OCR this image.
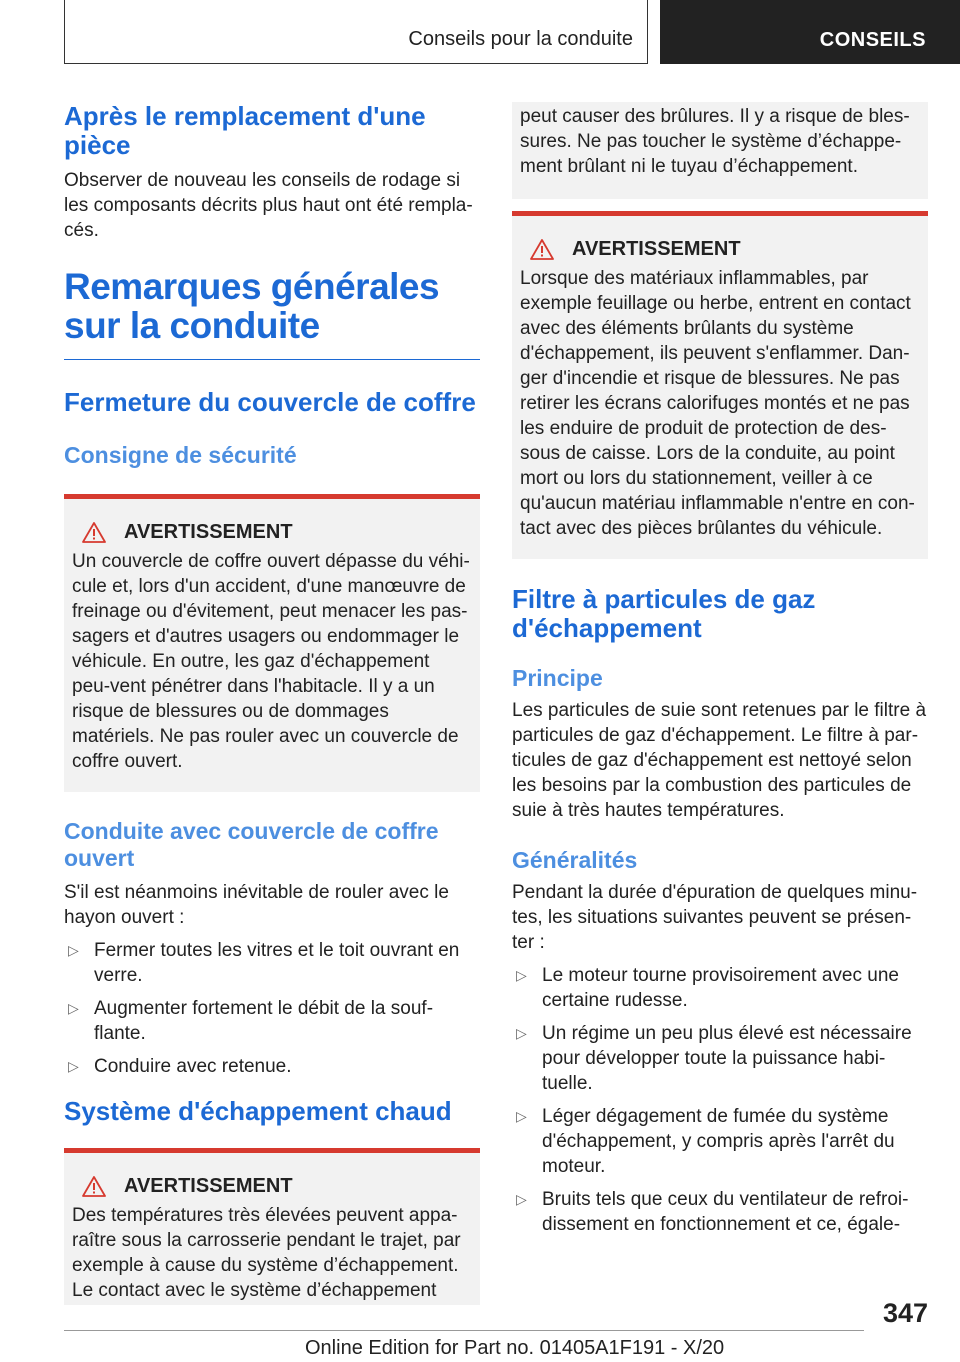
Conseils pour la conduite	CONSEILS
Après le remplacement d'une pièce

Observer de nouveau les conseils de rodage si les composants décrits plus haut ont été rempla‐cés.

Remarques générales sur la conduite
Fermeture du couvercle de coffre
Consigne de sécurité
AVERTISSEMENT

Un couvercle de coffre ouvert dépasse du véhi‐cule et, lors d'un accident, d'une manœuvre de freinage ou d'évitement, peut menacer les pas‐sagers et d'autres usagers ou endommager le véhicule. En outre, les gaz d'échappement peu‐vent pénétrer dans l'habitacle. Il y a un risque de blessures ou de dommages matériels. Ne pas rouler avec un couvercle de coffre ouvert.

Conduite avec couvercle de coffre ouvert

S'il est néanmoins inévitable de rouler avec le hayon ouvert :

▷ Fermer toutes les vitres et le toit ouvrant en verre.
▷ Augmenter fortement le débit de la souf‐flante.
▷ Conduire avec retenue.
Système d'échappement chaud
AVERTISSEMENT

Des températures très élevées peuvent appa‐raître sous la carrosserie pendant le trajet, par exemple à cause du système d’échappement. Le contact avec le système d’échappement

peut causer des brûlures. Il y a risque de bles‐sures. Ne pas toucher le système d’échappe‐ment brûlant ni le tuyau d’échappement.

AVERTISSEMENT

Lorsque des matériaux inflammables, par exemple feuillage ou herbe, entrent en contact avec des éléments brûlants du système d'échappement, ils peuvent s'enflammer. Dan‐ger d'incendie et risque de blessures. Ne pas retirer les écrans calorifuges montés et ne pas les enduire de produit de protection de des‐sous de caisse. Lors de la conduite, au point mort ou lors du stationnement, veiller à ce qu'aucun matériau inflammable n'entre en con‐tact avec des pièces brûlantes du véhicule.

Filtre à particules de gaz d'échappement
Principe

Les particules de suie sont retenues par le filtre à particules de gaz d'échappement. Le filtre à par‐ticules de gaz d'échappement est nettoyé selon les besoins par la combustion des particules de suie à très hautes températures.

Généralités

Pendant la durée d'épuration de quelques minu‐tes, les situations suivantes peuvent se présen‐ter :

▷ Le moteur tourne provisoirement avec une certaine rudesse.
▷ Un régime un peu plus élevé est nécessaire pour développer toute la puissance habi‐tuelle.
▷ Léger dégagement de fumée du système d'échappement, y compris après l'arrêt du moteur.
▷ Bruits tels que ceux du ventilateur de refroi‐dissement en fonctionnement et ce, égale‐
347
Online Edition for Part no. 01405A1F191 - X/20
